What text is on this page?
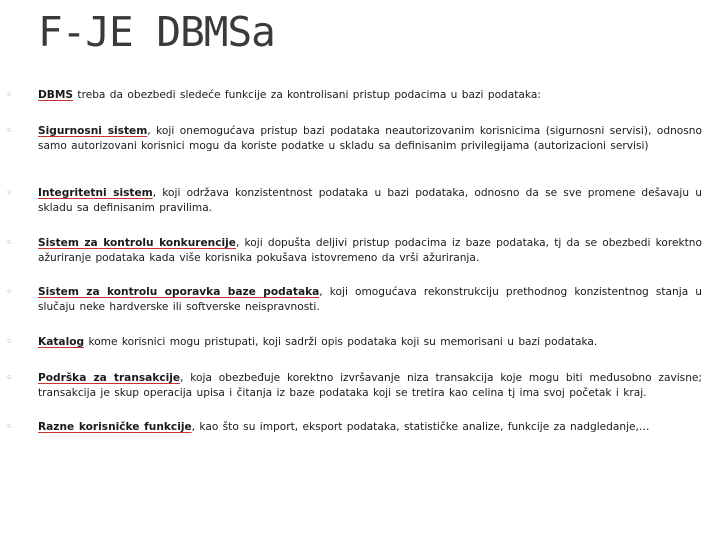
F-JE DBMSa
◦ DBMS treba da obezbedi sledeće funkcije za kontrolisani pristup podacima u bazi podataka:
◦ Sigurnosni sistem, koji onemogućava pristup bazi podataka neautorizovanim korisnicima (sigurnosni servisi), odnosno samo autorizovani korisnici mogu da koriste podatke u skladu sa definisanim privilegijama (autorizacioni servisi)
◦ Integritetni sistem, koji održava konzistentnost podataka u bazi podataka, odnosno da se sve promene dešavaju u skladu sa definisanim pravilima.
◦ Sistem za kontrolu konkurencije, koji dopušta deljivi pristup podacima iz baze podataka, tj da se obezbedi korektno ažuriranje podataka kada više korisnika pokušava istovremeno da vrši ažuriranja.
◦ Sistem za kontrolu oporavka baze podataka, koji omogućava rekonstrukciju prethodnog konzistentnog stanja u slučaju neke hardverske ili softverske neispravnosti.
◦ Katalog kome korisnici mogu pristupati, koji sadrži opis podataka koji su memorisani u bazi podataka.
◦ Podrška za transakcije, koja obezbeđuje korektno izvršavanje niza transakcija koje mogu biti međusobno zavisne; transakcija je skup operacija upisa i čitanja iz baze podataka koji se tretira kao celina tj ima svoj početak i kraj.
◦ Razne korisničke funkcije, kao što su import, eksport podataka, statističke analize, funkcije za nadgledanje,…
